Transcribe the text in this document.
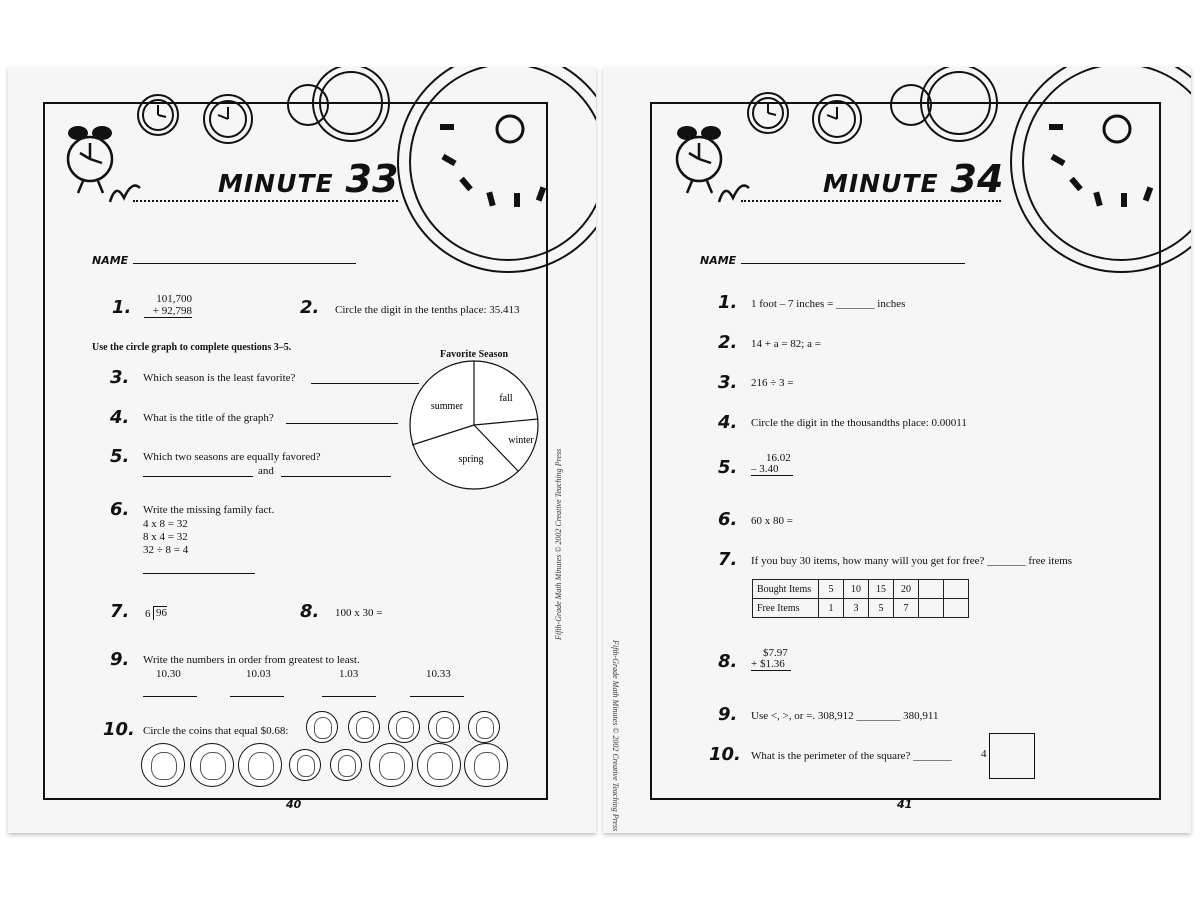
MINUTE 33
NAME
1. 101,700
+ 92,798	2. Circle the digit in the tenths place: 35.413
Use the circle graph to complete questions 3–5.
3. Which season is the least favorite?
4. What is the title of the graph?
5. Which two seasons are equally favored?
and
Favorite Season
fall
winter
spring
summer
6. Write the missing family fact.
4 x 8 = 32
8 x 4 = 32
32 ÷ 8 = 4
7. 6 96	8. 100 x 30 =
9. Write the numbers in order from greatest to least.
10.30	10.03	1.03	10.33
10. Circle the coins that equal $0.68:
40
Fifth-Grade Math Minutes © 2002 Creative Teaching Press
MINUTE 34
NAME
1. 1 foot – 7 inches = _______ inches
2. 14 + a = 82; a =
3. 216 ÷ 3 =
4. Circle the digit in the thousandths place: 0.00011
5.	16.02
– 3.40
6. 60 x 80 =
7. If you buy 30 items, how many will you get for free? _______ free items
Bought Items	5	10	15	20		
Free Items	1	3	5	7		
8. $7.97
+ $1.36
9. Use <, >, or =. 308,912 ________ 380,911
10. What is the perimeter of the square? _______	4
41
Fifth-Grade Math Minutes © 2002 Creative Teaching Press
